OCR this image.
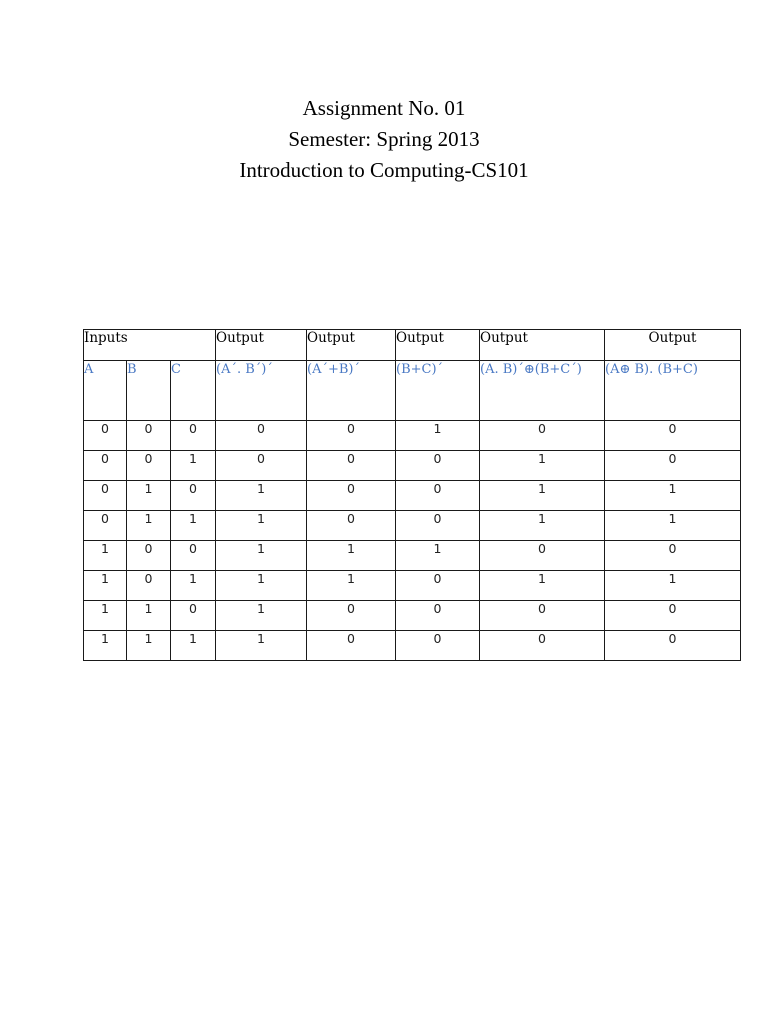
Assignment No. 01
Semester: Spring 2013
Introduction to Computing-CS101
Inputs			Output	Output	Output	Output	Output
A	B	C	(A´. B´)´	(A´+B)´	(B+C)´	(A. B)´⊕(B+C´)	(A⊕ B). (B+C)
0	0	0	0	0	1	0	0
0	0	1	0	0	0	1	0
0	1	0	1	0	0	1	1
0	1	1	1	0	0	1	1
1	0	0	1	1	1	0	0
1	0	1	1	1	0	1	1
1	1	0	1	0	0	0	0
1	1	1	1	0	0	0	0
